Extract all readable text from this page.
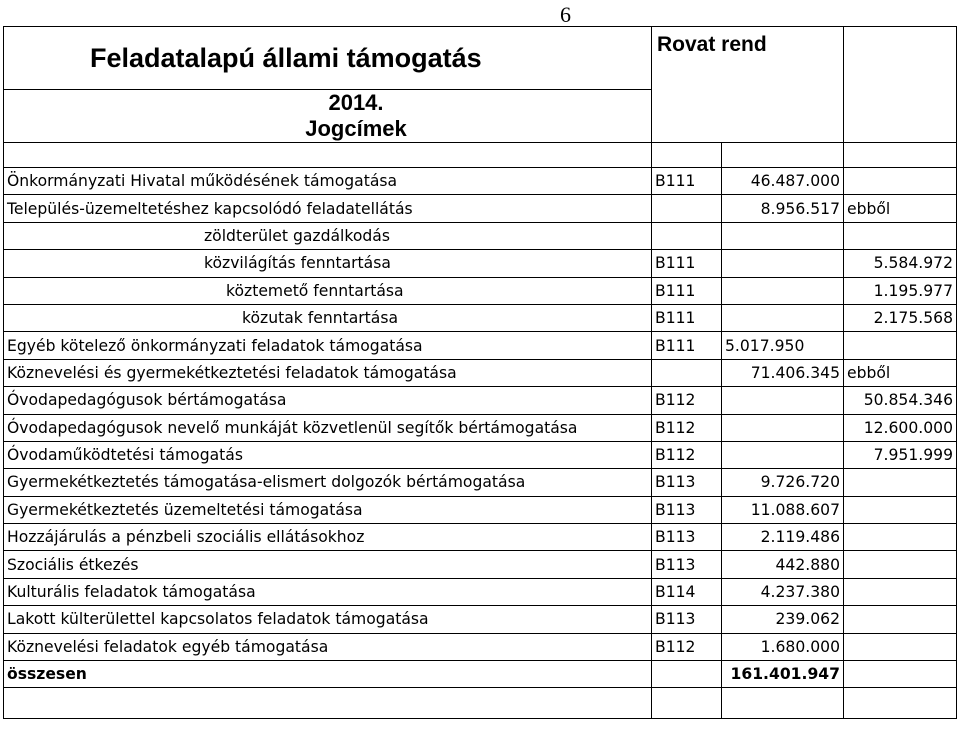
6
Feladatalapú állami támogatás	Rovat rend		

2014.
Jogcímek			

Önkormányzati Hivatal működésének támogatása	B111	46.487.000	
Település-üzemeltetéshez kapcsolódó feladatellátás		8.956.517	ebből
zöldterület gazdálkodás			
közvilágítás fenntartása	B111		5.584.972
köztemető fenntartása	B111		1.195.977
közutak fenntartása	B111		2.175.568
Egyéb kötelező önkormányzati feladatok támogatása	B111	5.017.950	
Köznevelési és gyermekétkeztetési feladatok támogatása		71.406.345	ebből
Óvodapedagógusok bértámogatása	B112		50.854.346
Óvodapedagógusok nevelő munkáját közvetlenül segítők bértámogatása	B112		12.600.000
Óvodaműködtetési támogatás	B112		7.951.999
Gyermekétkeztetés támogatása-elismert dolgozók bértámogatása	B113	9.726.720	
Gyermekétkeztetés üzemeltetési támogatása	B113	11.088.607	
Hozzájárulás a pénzbeli szociális ellátásokhoz	B113	2.119.486	
Szociális étkezés	B113	442.880	
Kulturális feladatok támogatása	B114	4.237.380	
Lakott külterülettel kapcsolatos feladatok támogatása	B113	239.062	
Köznevelési feladatok egyéb támogatása	B112	1.680.000	
összesen		161.401.947	
